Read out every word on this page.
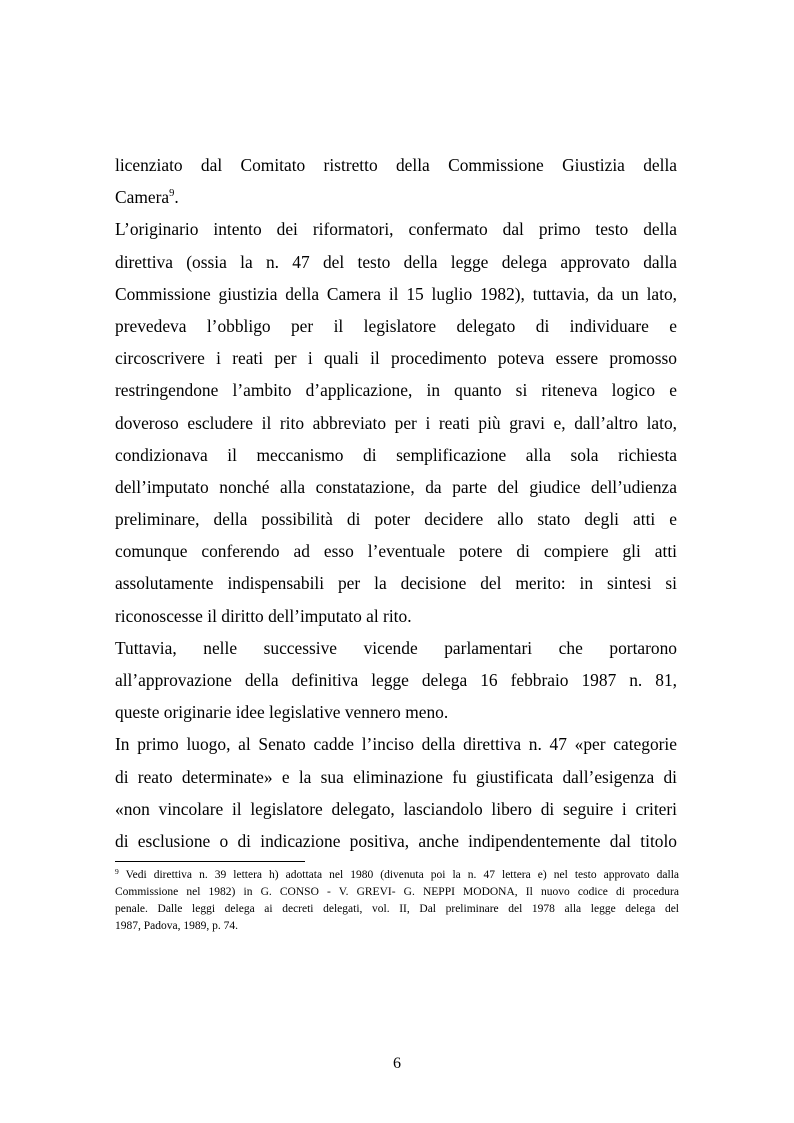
licenziato dal Comitato ristretto della Commissione Giustizia della
Camera$^9$.
L’originario intento dei riformatori, confermato dal primo testo della
direttiva (ossia la n. 47 del testo della legge delega approvato dalla
Commissione giustizia della Camera il 15 luglio 1982), tuttavia, da un lato,
prevedeva l’obbligo per il legislatore delegato di individuare e
circoscrivere i reati per i quali il procedimento poteva essere promosso
restringendone l’ambito d’applicazione, in quanto si riteneva logico e
doveroso escludere il rito abbreviato per i reati più gravi e, dall’altro lato,
condizionava il meccanismo di semplificazione alla sola richiesta
dell’imputato nonché alla constatazione, da parte del giudice dell’udienza
preliminare, della possibilità di poter decidere allo stato degli atti e
comunque conferendo ad esso l’eventuale potere di compiere gli atti
assolutamente indispensabili per la decisione del merito: in sintesi si
riconoscesse il diritto dell’imputato al rito.
Tuttavia, nelle successive vicende parlamentari che portarono
all’approvazione della definitiva legge delega 16 febbraio 1987 n. 81,
queste originarie idee legislative vennero meno.
In primo luogo, al Senato cadde l’inciso della direttiva n. 47 «per categorie
di reato determinate» e la sua eliminazione fu giustificata dall’esigenza di
«non vincolare il legislatore delegato, lasciandolo libero di seguire i criteri
di esclusione o di indicazione positiva, anche indipendentemente dal titolo
$^9$ Vedi direttiva n. 39 lettera h) adottata nel 1980 (divenuta poi la n. 47 lettera e) nel testo approvato dalla
Commissione nel 1982) in G. CONSO - V. GREVI- G. NEPPI MODONA, Il nuovo codice di procedura
penale. Dalle leggi delega ai decreti delegati, vol. II, Dal preliminare del 1978 alla legge delega del
1987, Padova, 1989, p. 74.
6
